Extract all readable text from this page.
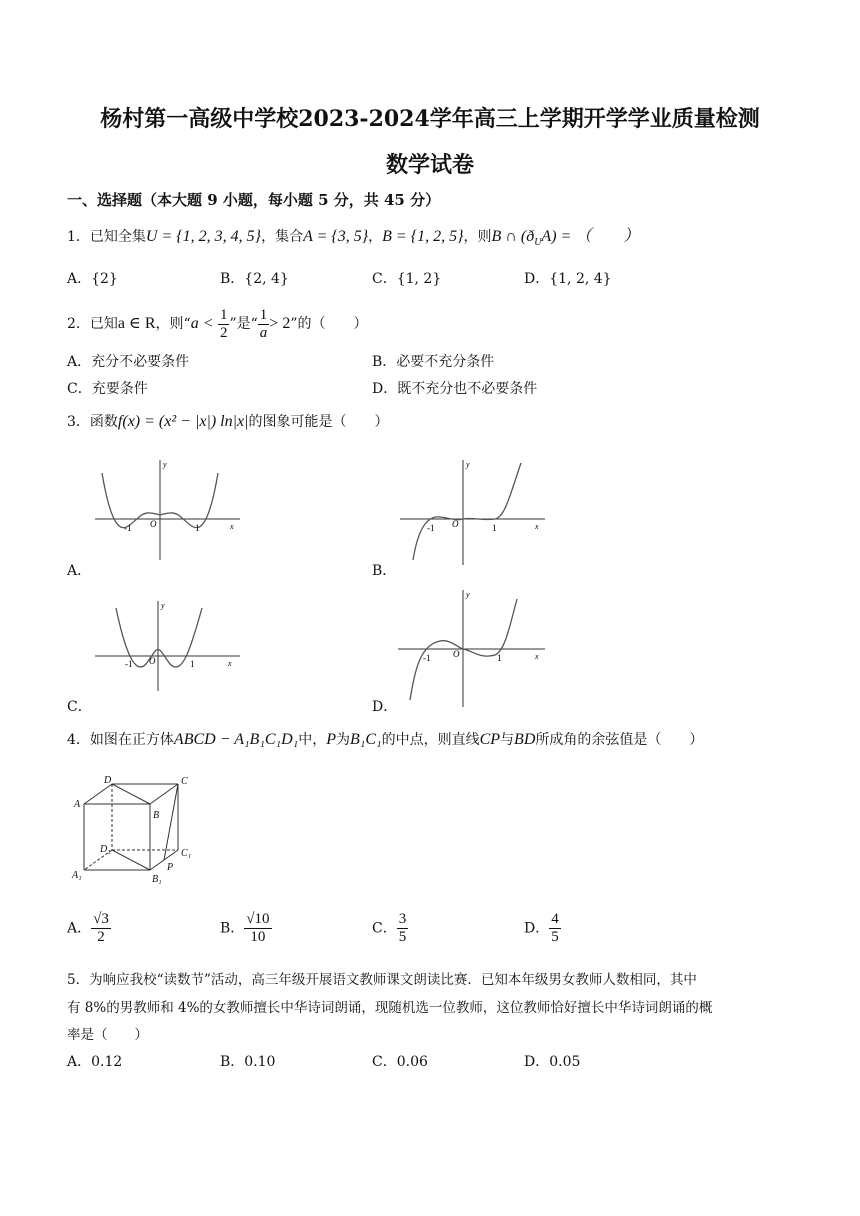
杨村第一高级中学校2023-2024学年高三上学期开学学业质量检测
数学试卷
一、选择题（本大题 9 小题，每小题 5 分，共 45 分）
1．已知全集U = {1, 2, 3, 4, 5}，集合A = {3, 5}，B = {1, 2, 5}，则B ∩ $(ð_UA)$ = （　　）
A．{2}	B．{2, 4}	C．{1, 2}	D．{1, 2, 4}
2．已知a ∈ R，则“$a < \frac{1}{2}$ ”是“ $\frac{1}{a} > 2$”的（　　）
A．充分不必要条件	B．必要不充分条件
C．充要条件	D．既不充分也不必要条件
3．函数f(x) = (x² − |x|) ln|x|的图象可能是（　　）
-1 O	1	x
y
A．
-1 O	1	x
y
B．
-1 O	1	x
y
C．
-1	O	1	x
y
D．
4．如图在正方体ABCD − A₁B₁C₁D₁中，P为B₁C₁的中点，则直线CP与BD所成角的余弦值是（　　）
D	C
A
B
D₁	C₁
A₁	B₁
P
A． $\frac{√3}{2}$	B． $\frac{√10}{10}$	C． $\frac{3}{5}$	D． $\frac{4}{5}$
5．为响应我校“读数节”活动，高三年级开展语文教师课文朗读比赛．已知本年级男女教师人数相同，其中
有 8%的男教师和 4%的女教师擅长中华诗词朗诵，现随机选一位教师，这位教师恰好擅长中华诗词朗诵的概
率是（　　）
A．0.12	B．0.10	C．0.06	D．0.05
